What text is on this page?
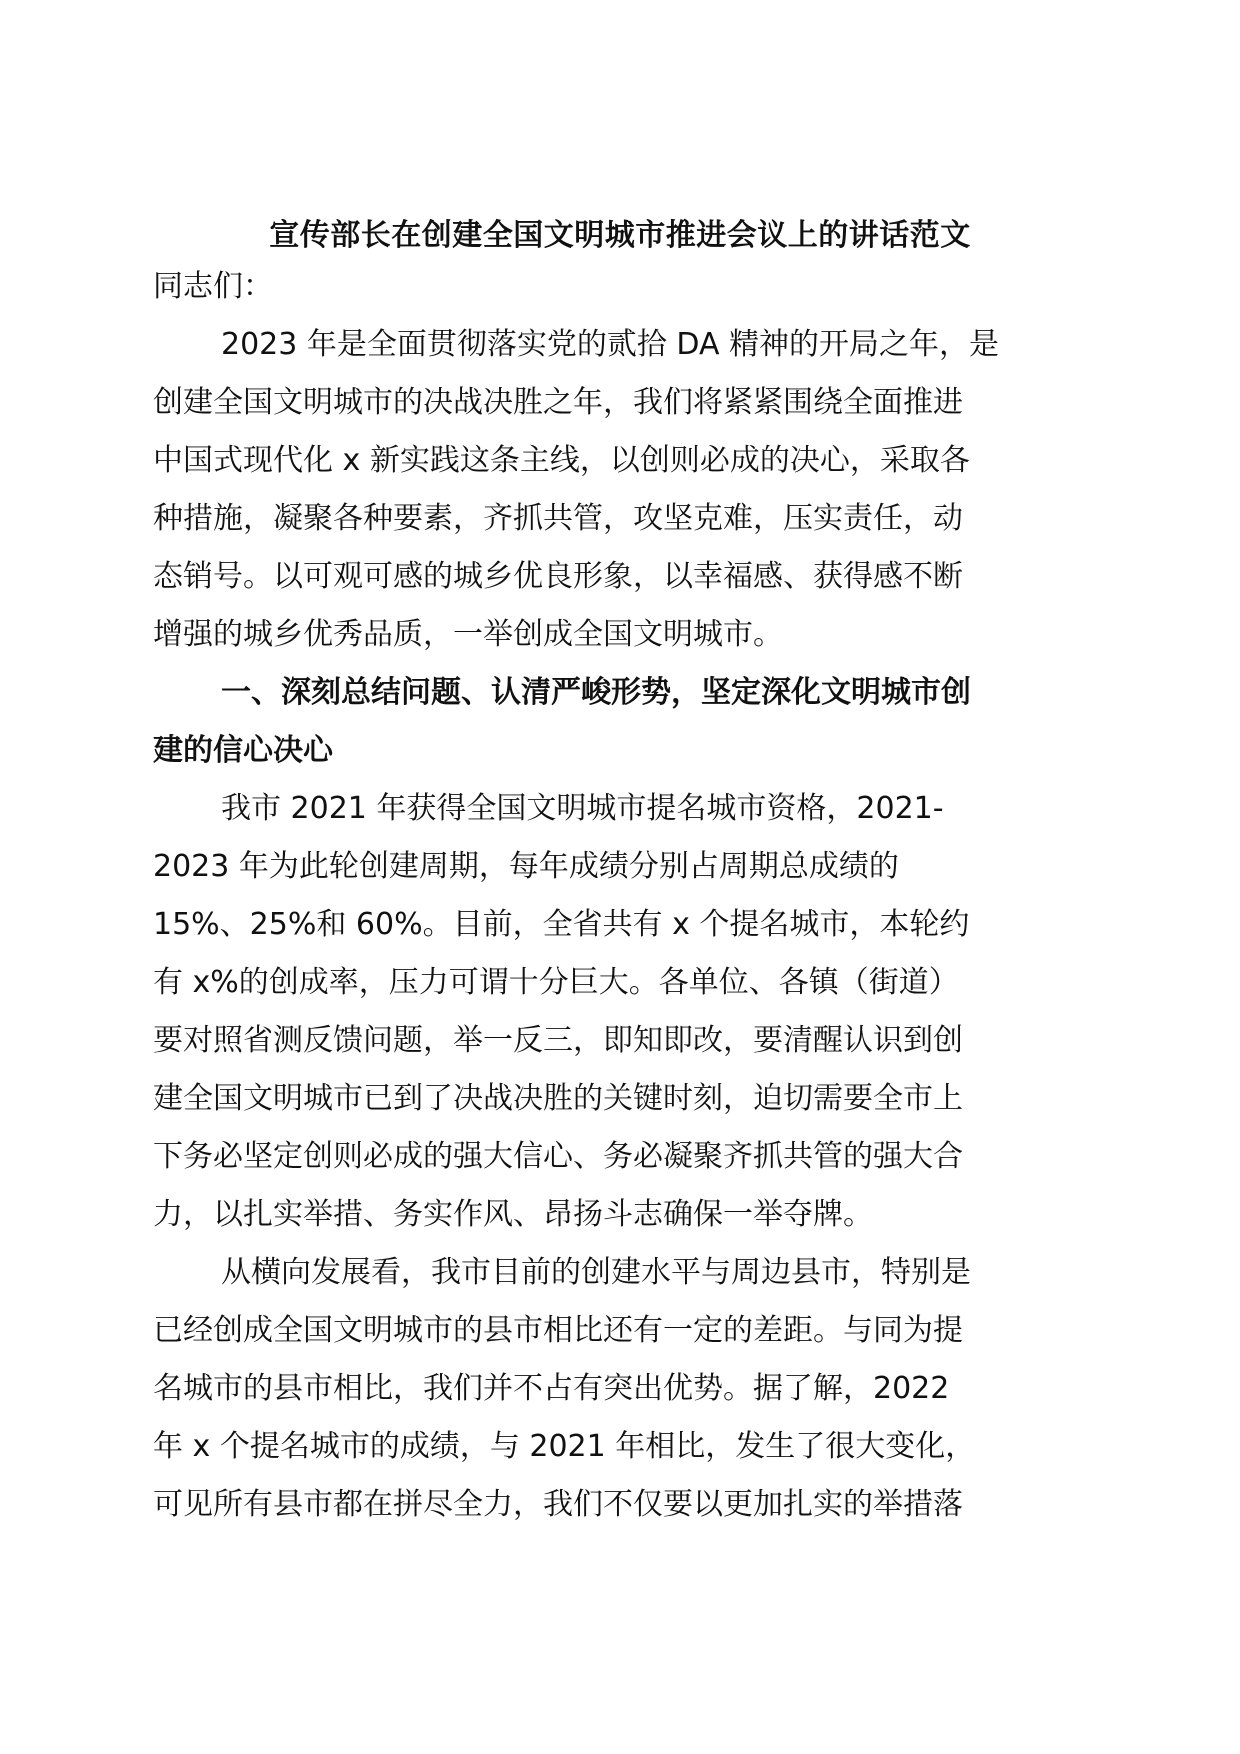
宣传部长在创建全国文明城市推进会议上的讲话范文
同志们：
2023 年是全面贯彻落实党的贰拾 DA 精神的开局之年，是
创建全国文明城市的决战决胜之年，我们将紧紧围绕全面推进
中国式现代化 x 新实践这条主线，以创则必成的决心，采取各
种措施，凝聚各种要素，齐抓共管，攻坚克难，压实责任，动
态销号。以可观可感的城乡优良形象，以幸福感、获得感不断
增强的城乡优秀品质，一举创成全国文明城市。
一、深刻总结问题、认清严峻形势，坚定深化文明城市创
建的信心决心
我市 2021 年获得全国文明城市提名城市资格，2021-
2023 年为此轮创建周期，每年成绩分别占周期总成绩的
15%、25%和 60%。目前，全省共有 x 个提名城市，本轮约
有 x%的创成率，压力可谓十分巨大。各单位、各镇（街道）
要对照省测反馈问题，举一反三，即知即改，要清醒认识到创
建全国文明城市已到了决战决胜的关键时刻，迫切需要全市上
下务必坚定创则必成的强大信心、务必凝聚齐抓共管的强大合
力，以扎实举措、务实作风、昂扬斗志确保一举夺牌。
从横向发展看，我市目前的创建水平与周边县市，特别是
已经创成全国文明城市的县市相比还有一定的差距。与同为提
名城市的县市相比，我们并不占有突出优势。据了解，2022
年 x 个提名城市的成绩，与 2021 年相比，发生了很大变化，
可见所有县市都在拼尽全力，我们不仅要以更加扎实的举措落
